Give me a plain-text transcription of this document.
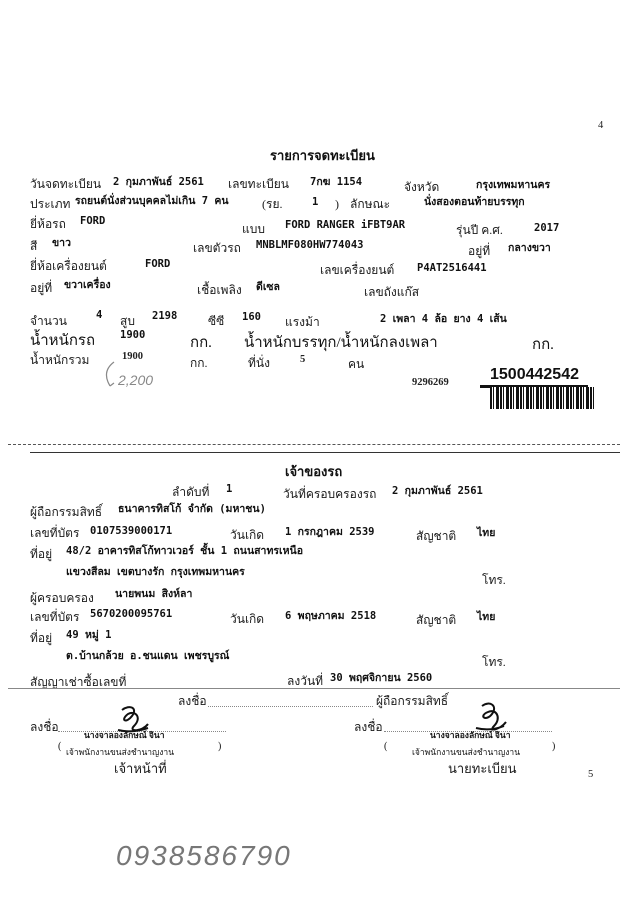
4
รายการจดทะเบียน
วันจดทะเบียน 2 กุมภาพันธ์ 2561 เลขทะเบียน 7กฆ 1154	จังหวัด	กรุงเทพมหานคร
ประเภท รถยนต์นั่งส่วนบุคคลไม่เกิน 7 คน	(รย.	1 ) ลักษณะ	นั่งสองตอนท้ายบรรทุก
ยี่ห้อรถ FORD
แบบ FORD RANGER iFBT9AR	รุ่นปี ค.ศ.	2017
สี ขาว	เลขตัวรถ MNBLMF080HW774043	อยู่ที่ กลางขวา
ยี่ห้อเครื่องยนต์	FORD	เลขเครื่องยนต์ P4AT2516441
อยู่ที่ ขวาเครื่อง	เชื้อเพลิง ดีเซล	เลขถังแก๊ส
จำนวน	4 สูบ 2198	ซีซี 160 แรงม้า	2 เพลา 4 ล้อ ยาง 4 เส้น
น้ำหนักรถ 1900	กก. น้ำหนักบรรทุก/น้ำหนักลงเพลา	กก.
น้ำหนักรวม	1900	กก.	ที่นั่ง	5	คน
2,200	9296269	1500442542
เจ้าของรถ
ลำดับที่ 1	วันที่ครอบครองรถ 2 กุมภาพันธ์ 2561
ผู้ถือกรรมสิทธิ์ ธนาคารทิสโก้ จำกัด (มหาชน)
เลขที่บัตร 0107539000171	วันเกิด 1 กรกฎาคม 2539	สัญชาติ ไทย
ที่อยู่ 48/2 อาคารทิสโก้ทาวเวอร์ ชั้น 1 ถนนสาทรเหนือ
แขวงสีลม เขตบางรัก กรุงเทพมหานคร
โทร.
ผู้ครอบครอง นายพนม สิงห์ลา
เลขที่บัตร 5670200095761	วันเกิด 6 พฤษภาคม 2518	สัญชาติ ไทย
ที่อยู่ 49 หมู่ 1
ต.บ้านกล้วย อ.ชนแดน เพชรบูรณ์	โทร.
สัญญาเช่าซื้อเลขที่	ลงวันที่ 30 พฤศจิกายน 2560
ลงชื่อ	ผู้ถือกรรมสิทธิ์
ลงชื่อ
นางจาลองลักษณ์ จินา
(	)
เจ้าพนักงานขนส่งชำนาญงาน
เจ้าหน้าที่
ลงชื่อ
นางจาลองลักษณ์ จินา
(	)
เจ้าพนักงานขนส่งชำนาญงาน
นายทะเบียน	5
0938586790
